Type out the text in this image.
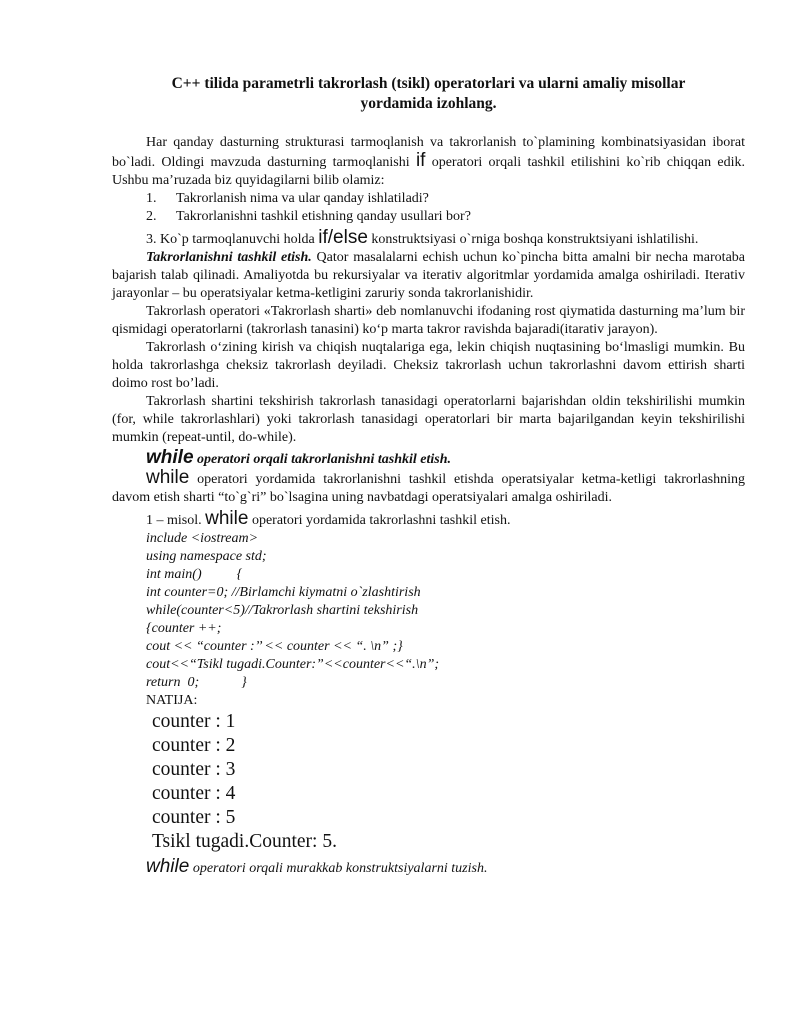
C++ tilida parametrli takrorlash (tsikl) operatorlari va ularni amaliy misollar
yordamida izohlang.

Har qanday dasturning strukturasi tarmoqlanish va takrorlanish to`plamining kombinatsiyasidan iborat bo`ladi. Oldingi mavzuda dasturning tarmoqlanishi if operatori orqali tashkil etilishini ko`rib chiqqan edik. Ushbu ma’ruzada biz quyidagilarni bilib olamiz:

1. Takrorlanish nima va ular qanday ishlatiladi?
2. Takrorlanishni tashkil etishning qanday usullari bor?

3. Ko`p tarmoqlanuvchi holda if/else konstruktsiyasi o`rniga boshqa konstruktsiyani ishlatilishi.

Takrorlanishni tashkil etish. Qator masalalarni echish uchun ko`pincha bitta amalni bir necha marotaba bajarish talab qilinadi. Amaliyotda bu rekursiyalar va iterativ algoritmlar yordamida amalga oshiriladi. Iterativ jarayonlar – bu operatsiyalar ketma-ketligini zaruriy sonda takrorlanishidir.

Takrorlash operatori «Takrorlash sharti» deb nomlanuvchi ifodaning rost qiymatida dasturning ma’lum bir qismidagi operatorlarni (takrorlash tanasini) ko‘p marta takror ravishda bajaradi(itarativ jarayon).

Takrorlash o‘zining kirish va chiqish nuqtalariga ega, lekin chiqish nuqtasining bo‘lmasligi mumkin. Bu holda takrorlashga cheksiz takrorlash deyiladi. Cheksiz takrorlash uchun takrorlashni davom ettirish sharti doimo rost bo’ladi.

Takrorlash shartini tekshirish takrorlash tanasidagi operatorlarni bajarishdan oldin tekshirilishi mumkin (for, while takrorlashlari) yoki takrorlash tanasidagi operatorlari bir marta bajarilgandan keyin tekshirilishi mumkin (repeat-until, do-while).

while operatori orqali takrorlanishni tashkil etish.

while operatori yordamida takrorlanishni tashkil etishda operatsiyalar ketma-ketligi takrorlashning davom etish sharti “to`g`ri” bo`lsagina uning navbatdagi operatsiyalari amalga oshiriladi.

1 – misol. while operatori yordamida takrorlashni tashkil etish.

include <iostream>
using namespace std;
int main()          {
int counter=0; //Birlamchi kiymatni o`zlashtirish
while(counter<5)//Takrorlash shartini tekshirish
{counter ++;
cout << “counter :’’ << counter << “. \n” ;}
cout<<“Tsikl tugadi.Counter:”<<counter<<“.\n”;
return  0;            }
NATIJA:
counter : 1
counter : 2
counter : 3
counter : 4
counter : 5
Tsikl tugadi.Counter: 5.

while operatori orqali murakkab konstruktsiyalarni tuzish.
